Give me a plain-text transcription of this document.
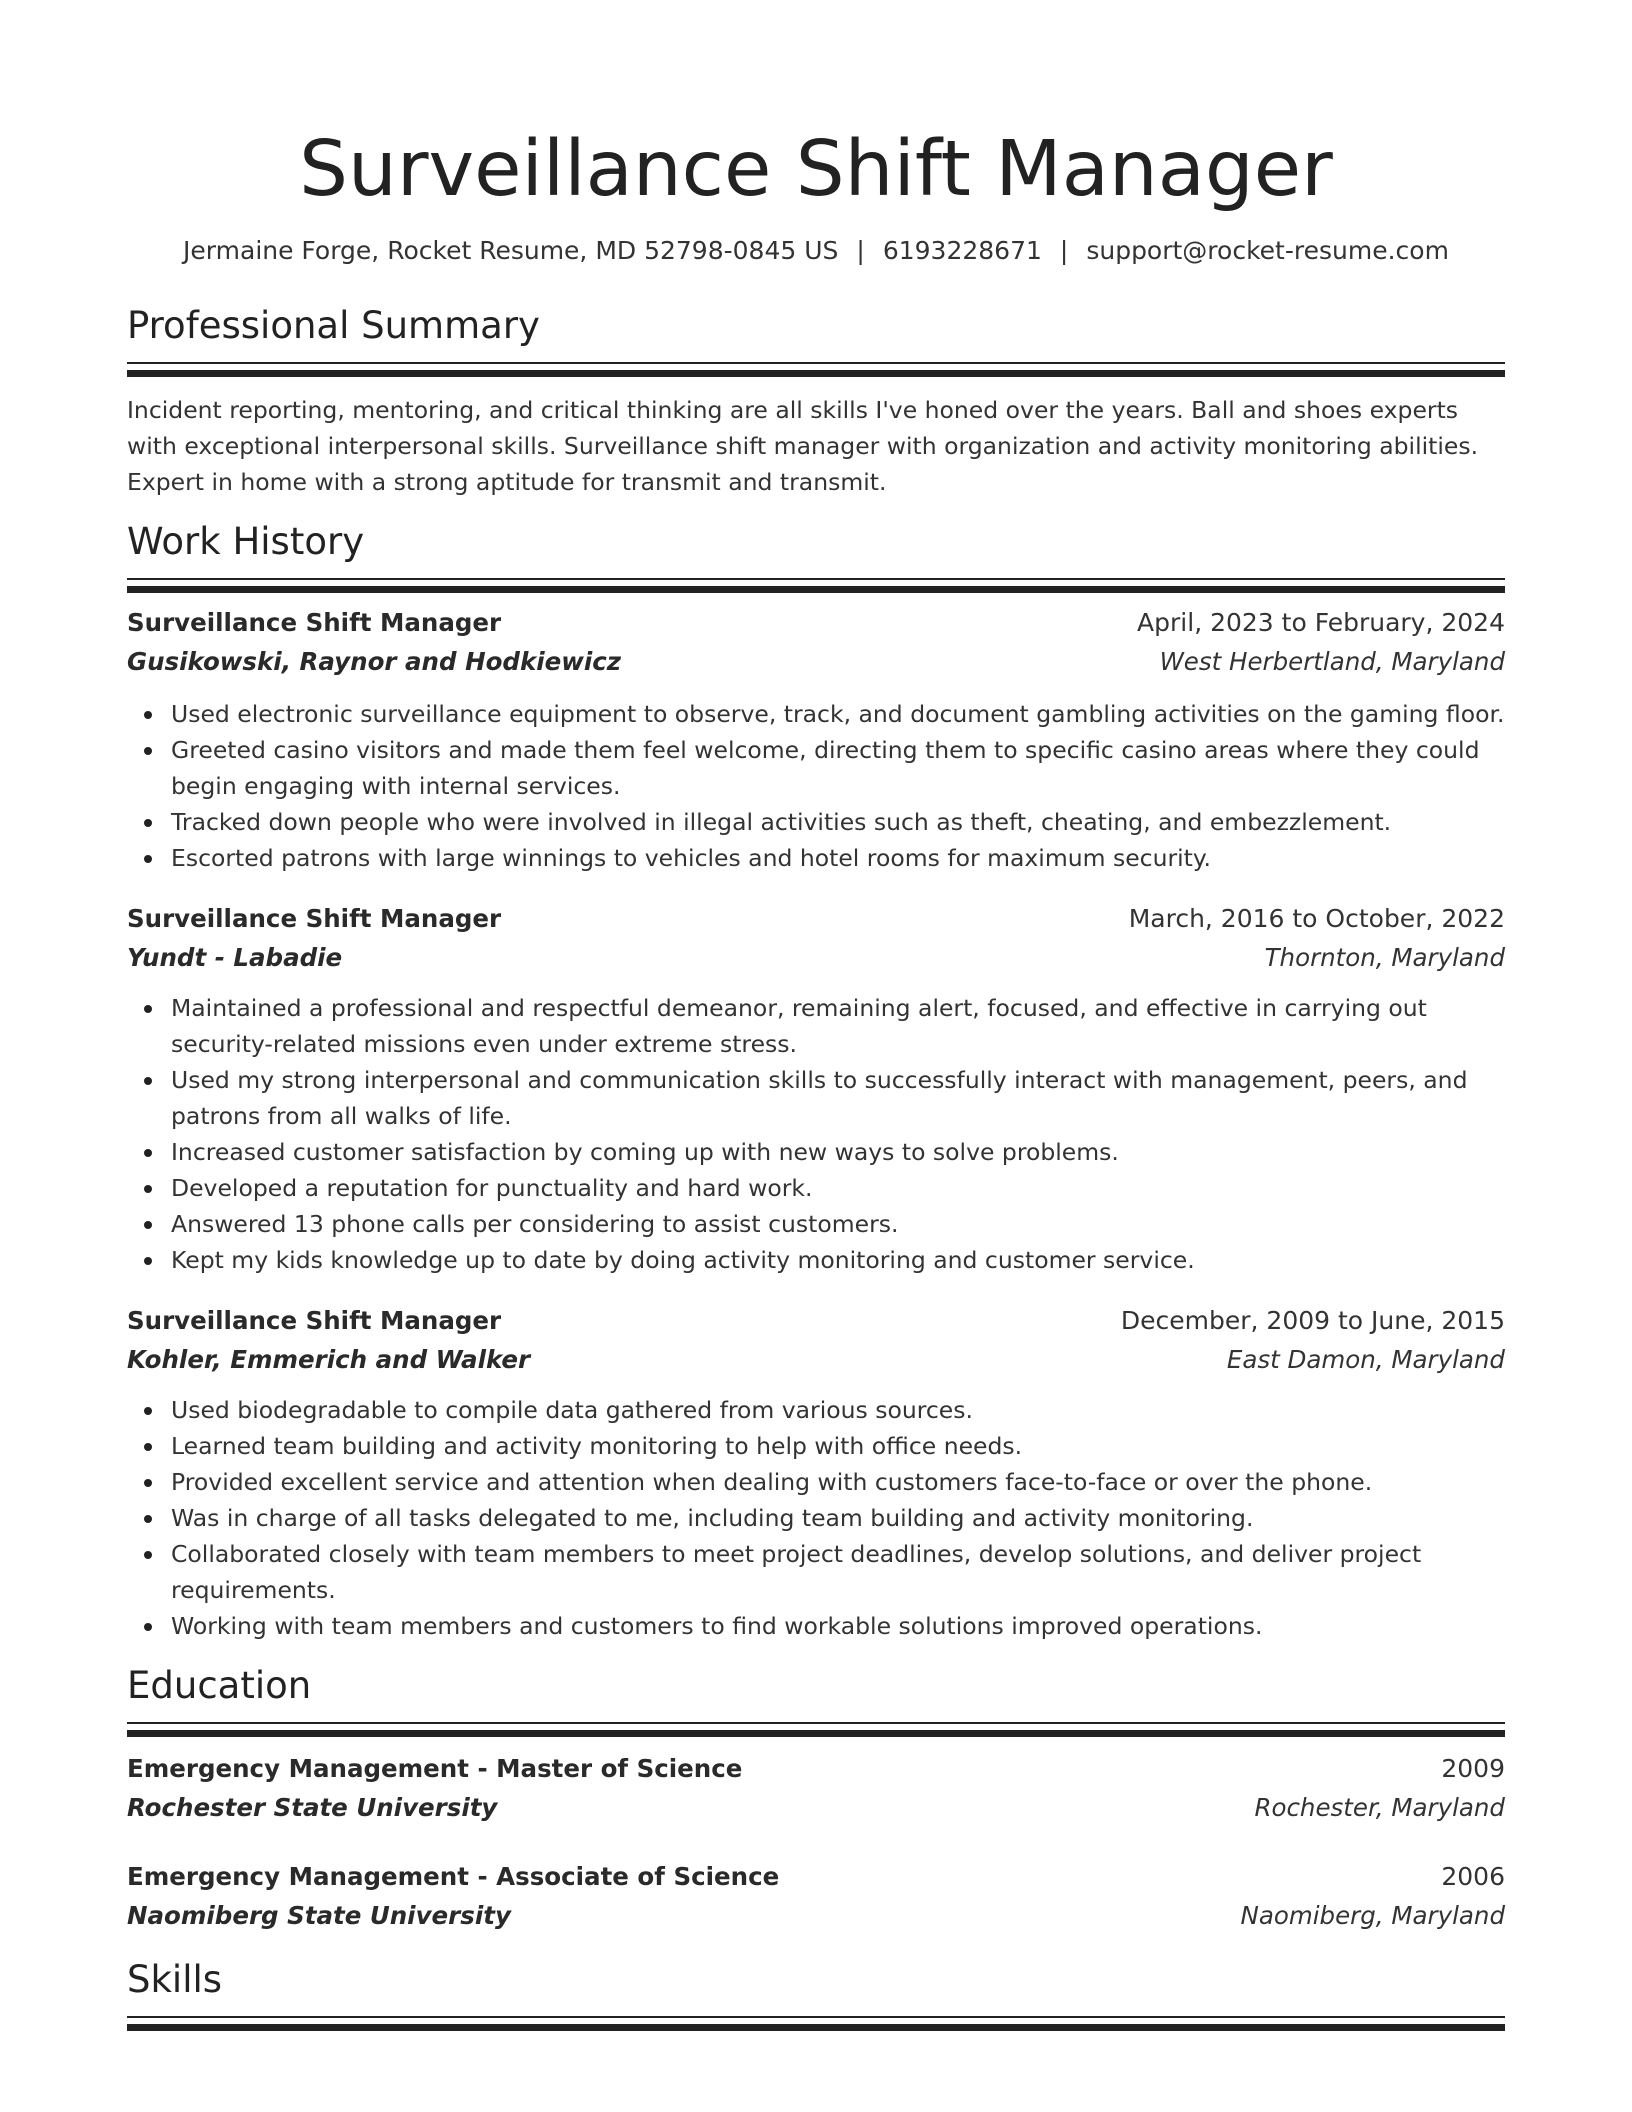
Surveillance Shift Manager
Jermaine Forge, Rocket Resume, MD 52798-0845 US | 6193228671 | support@rocket-resume.com
Professional Summary

Incident reporting, mentoring, and critical thinking are all skills I've honed over the years. Ball and shoes experts with exceptional interpersonal skills. Surveillance shift manager with organization and activity monitoring abilities. Expert in home with a strong aptitude for transmit and transmit.

Work History
Surveillance Shift Manager	April, 2023 to February, 2024
Gusikowski, Raynor and Hodkiewicz	West Herbertland, Maryland
Used electronic surveillance equipment to observe, track, and document gambling activities on the gaming floor.
Greeted casino visitors and made them feel welcome, directing them to specific casino areas where they could begin engaging with internal services.
Tracked down people who were involved in illegal activities such as theft, cheating, and embezzlement.
Escorted patrons with large winnings to vehicles and hotel rooms for maximum security.
Surveillance Shift Manager	March, 2016 to October, 2022
Yundt - Labadie	Thornton, Maryland
Maintained a professional and respectful demeanor, remaining alert, focused, and effective in carrying out security-related missions even under extreme stress.
Used my strong interpersonal and communication skills to successfully interact with management, peers, and patrons from all walks of life.
Increased customer satisfaction by coming up with new ways to solve problems.
Developed a reputation for punctuality and hard work.
Answered 13 phone calls per considering to assist customers.
Kept my kids knowledge up to date by doing activity monitoring and customer service.
Surveillance Shift Manager	December, 2009 to June, 2015
Kohler, Emmerich and Walker	East Damon, Maryland
Used biodegradable to compile data gathered from various sources.
Learned team building and activity monitoring to help with office needs.
Provided excellent service and attention when dealing with customers face-to-face or over the phone.
Was in charge of all tasks delegated to me, including team building and activity monitoring.
Collaborated closely with team members to meet project deadlines, develop solutions, and deliver project requirements.
Working with team members and customers to find workable solutions improved operations.
Education
Emergency Management - Master of Science	2009
Rochester State University	Rochester, Maryland
Emergency Management - Associate of Science	2006
Naomiberg State University	Naomiberg, Maryland
Skills
